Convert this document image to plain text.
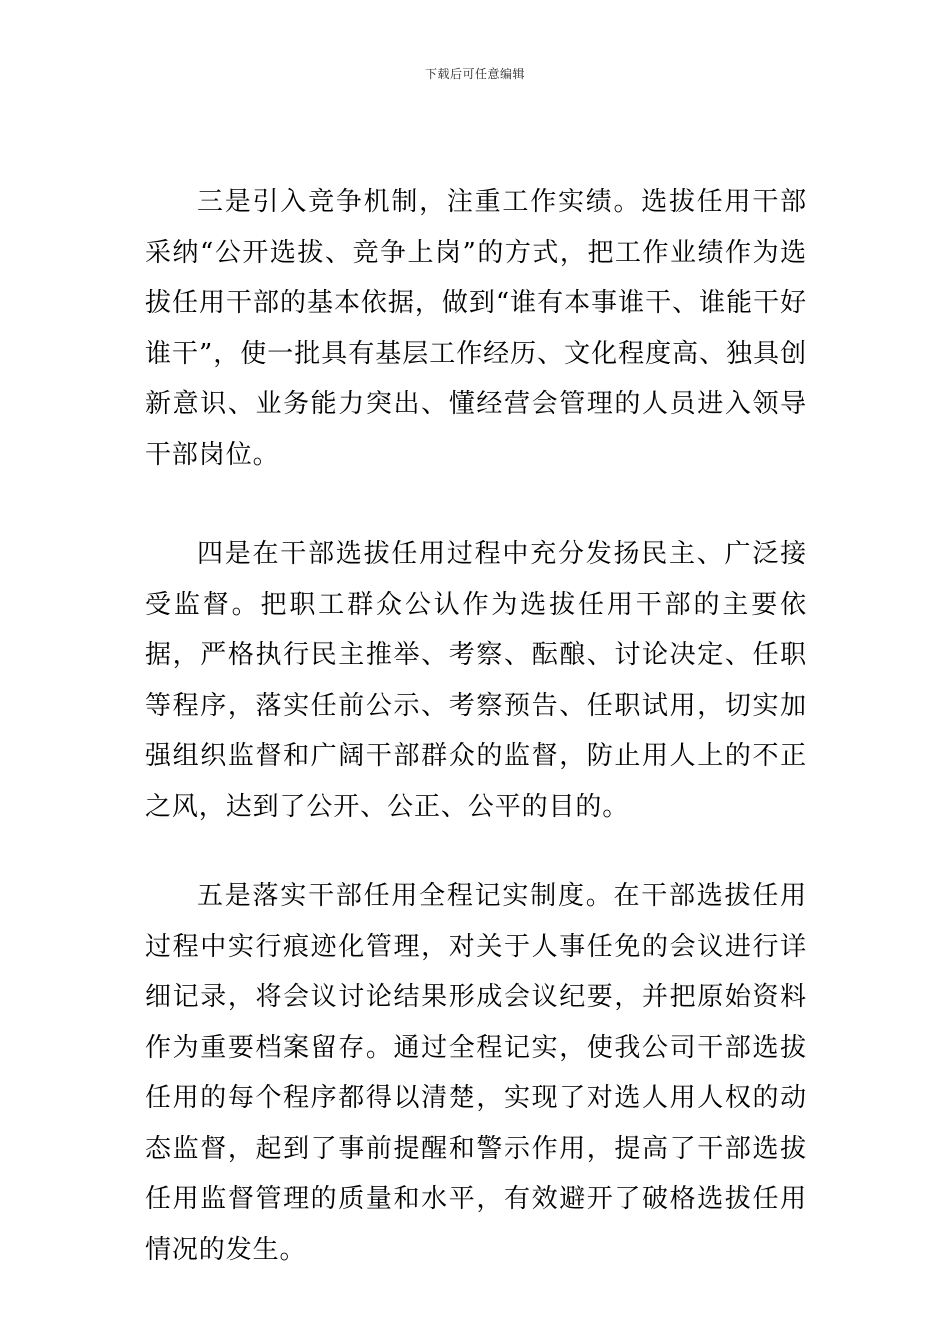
下载后可任意编辑

三是引入竞争机制，注重工作实绩。选拔任用干部采纳“公开选拔、竞争上岗”的方式，把工作业绩作为选拔任用干部的基本依据，做到“谁有本事谁干、谁能干好谁干”，使一批具有基层工作经历、文化程度高、独具创新意识、业务能力突出、懂经营会管理的人员进入领导干部岗位。

四是在干部选拔任用过程中充分发扬民主、广泛接受监督。把职工群众公认作为选拔任用干部的主要依据，严格执行民主推举、考察、酝酿、讨论决定、任职等程序，落实任前公示、考察预告、任职试用，切实加强组织监督和广阔干部群众的监督，防止用人上的不正之风，达到了公开、公正、公平的目的。

五是落实干部任用全程记实制度。在干部选拔任用过程中实行痕迹化管理，对关于人事任免的会议进行详细记录，将会议讨论结果形成会议纪要，并把原始资料作为重要档案留存。通过全程记实，使我公司干部选拔任用的每个程序都得以清楚，实现了对选人用人权的动态监督，起到了事前提醒和警示作用，提高了干部选拔任用监督管理的质量和水平，有效避开了破格选拔任用情况的发生。
